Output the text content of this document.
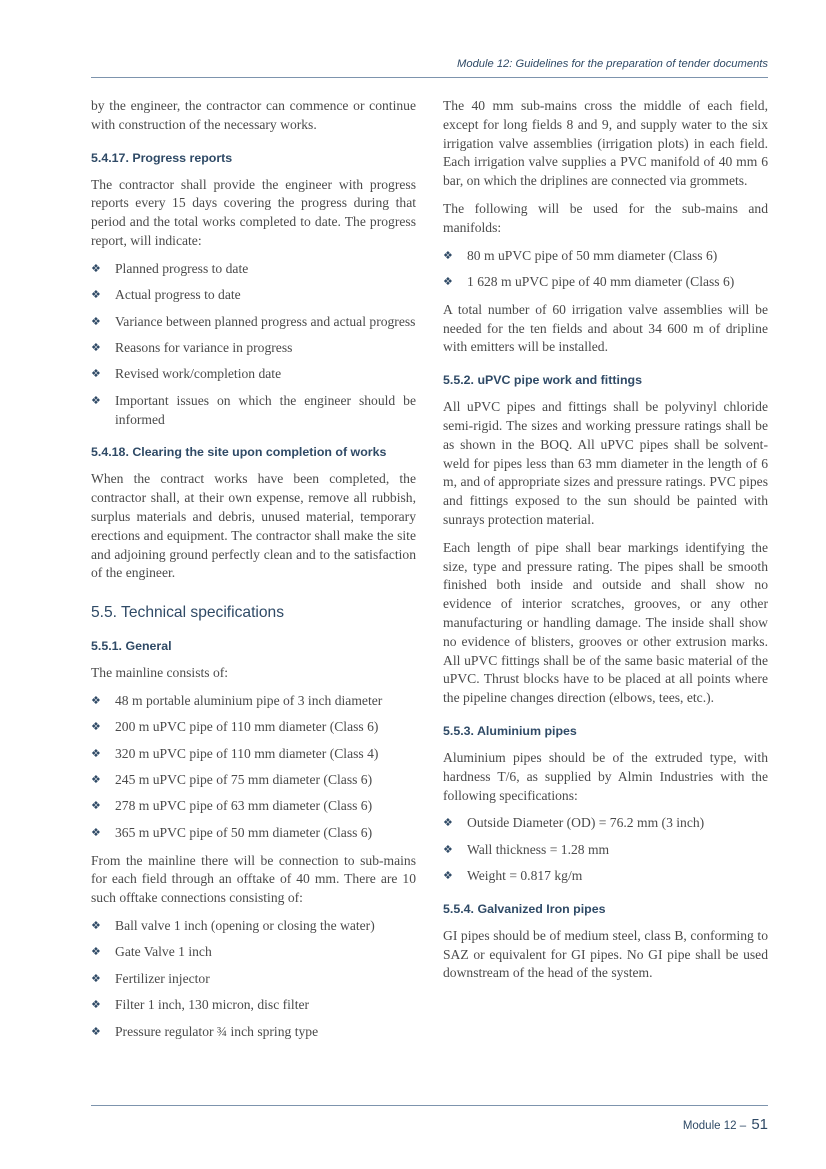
Module 12: Guidelines for the preparation of tender documents

by the engineer, the contractor can commence or continue with construction of the necessary works.

5.4.17. Progress reports

The contractor shall provide the engineer with progress reports every 15 days covering the progress during that period and the total works completed to date. The progress report, will indicate:

❖ Planned progress to date
❖ Actual progress to date
❖ Variance between planned progress and actual progress
❖ Reasons for variance in progress
❖ Revised work/completion date
❖ Important issues on which the engineer should be informed
5.4.18. Clearing the site upon completion of works

When the contract works have been completed, the contractor shall, at their own expense, remove all rubbish, surplus materials and debris, unused material, temporary erections and equipment. The contractor shall make the site and adjoining ground perfectly clean and to the satisfaction of the engineer.

5.5. Technical specifications
5.5.1. General

The mainline consists of:

❖ 48 m portable aluminium pipe of 3 inch diameter
❖ 200 m uPVC pipe of 110 mm diameter (Class 6)
❖ 320 m uPVC pipe of 110 mm diameter (Class 4)
❖ 245 m uPVC pipe of 75 mm diameter (Class 6)
❖ 278 m uPVC pipe of 63 mm diameter (Class 6)
❖ 365 m uPVC pipe of 50 mm diameter (Class 6)

From the mainline there will be connection to sub-mains for each field through an offtake of 40 mm. There are 10 such offtake connections consisting of:

❖ Ball valve 1 inch (opening or closing the water)
❖ Gate Valve 1 inch
❖ Fertilizer injector
❖ Filter 1 inch, 130 micron, disc filter
❖ Pressure regulator ¾ inch spring type

The 40 mm sub-mains cross the middle of each field, except for long fields 8 and 9, and supply water to the six irrigation valve assemblies (irrigation plots) in each field. Each irrigation valve supplies a PVC manifold of 40 mm 6 bar, on which the driplines are connected via grommets.

The following will be used for the sub-mains and manifolds:

❖ 80 m uPVC pipe of 50 mm diameter (Class 6)
❖ 1 628 m uPVC pipe of 40 mm diameter (Class 6)

A total number of 60 irrigation valve assemblies will be needed for the ten fields and about 34 600 m of dripline with emitters will be installed.

5.5.2. uPVC pipe work and fittings

All uPVC pipes and fittings shall be polyvinyl chloride semi-rigid. The sizes and working pressure ratings shall be as shown in the BOQ. All uPVC pipes shall be solvent-weld for pipes less than 63 mm diameter in the length of 6 m, and of appropriate sizes and pressure ratings. PVC pipes and fittings exposed to the sun should be painted with sunrays protection material.

Each length of pipe shall bear markings identifying the size, type and pressure rating. The pipes shall be smooth finished both inside and outside and shall show no evidence of interior scratches, grooves, or any other manufacturing or handling damage. The inside shall show no evidence of blisters, grooves or other extrusion marks. All uPVC fittings shall be of the same basic material of the uPVC. Thrust blocks have to be placed at all points where the pipeline changes direction (elbows, tees, etc.).

5.5.3. Aluminium pipes

Aluminium pipes should be of the extruded type, with hardness T/6, as supplied by Almin Industries with the following specifications:

❖ Outside Diameter (OD) = 76.2 mm (3 inch)
❖ Wall thickness = 1.28 mm
❖ Weight = 0.817 kg/m
5.5.4. Galvanized Iron pipes

GI pipes should be of medium steel, class B, conforming to SAZ or equivalent for GI pipes. No GI pipe shall be used downstream of the head of the system.

Module 12 – 51
